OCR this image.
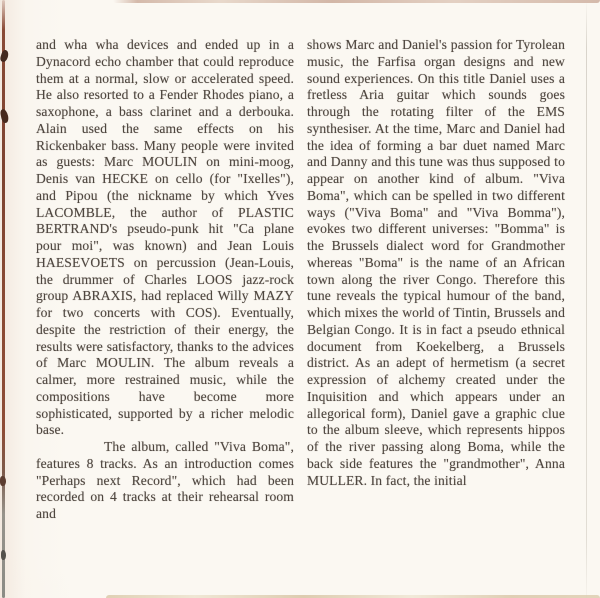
and wha wha devices and ended up in a Dynacord echo chamber that could reproduce them at a normal, slow or accelerated speed. He also resorted to a Fender Rhodes piano, a saxophone, a bass clarinet and a derbouka. Alain used the same effects on his Rickenbaker bass. Many people were invited as guests: Marc MOULIN on mini-moog, Denis van HECKE on cello (for "Ixelles"), and Pipou (the nickname by which Yves LACOMBLE, the author of PLASTIC BERTRAND's pseudo-punk hit "Ca plane pour moi", was known) and Jean Louis HAESEVOETS on percussion (Jean-Louis, the drummer of Charles LOOS jazz-rock group ABRAXIS, had replaced Willy MAZY for two concerts with COS). Eventually, despite the restriction of their energy, the results were satisfactory, thanks to the advices of Marc MOULIN. The album reveals a calmer, more restrained music, while the compositions have become more sophisticated, supported by a richer melodic base.

The album, called "Viva Boma", features 8 tracks. As an introduction comes "Perhaps next Record", which had been recorded on 4 tracks at their rehearsal room and

shows Marc and Daniel's passion for Tyrolean music, the Farfisa organ designs and new sound experiences. On this title Daniel uses a fretless Aria guitar which sounds goes through the rotating filter of the EMS synthesiser. At the time, Marc and Daniel had the idea of forming a bar duet named Marc and Danny and this tune was thus supposed to appear on another kind of album. "Viva Boma", which can be spelled in two different ways ("Viva Boma" and "Viva Bomma"), evokes two different universes: "Bomma" is the Brussels dialect word for Grandmother whereas "Boma" is the name of an African town along the river Congo. Therefore this tune reveals the typical humour of the band, which mixes the world of Tintin, Brussels and Belgian Congo. It is in fact a pseudo ethnical document from Koekelberg, a Brussels district. As an adept of hermetism (a secret expression of alchemy created under the Inquisition and which appears under an allegorical form), Daniel gave a graphic clue to the album sleeve, which represents hippos of the river passing along Boma, while the back side features the "grandmother", Anna MULLER. In fact, the initial
